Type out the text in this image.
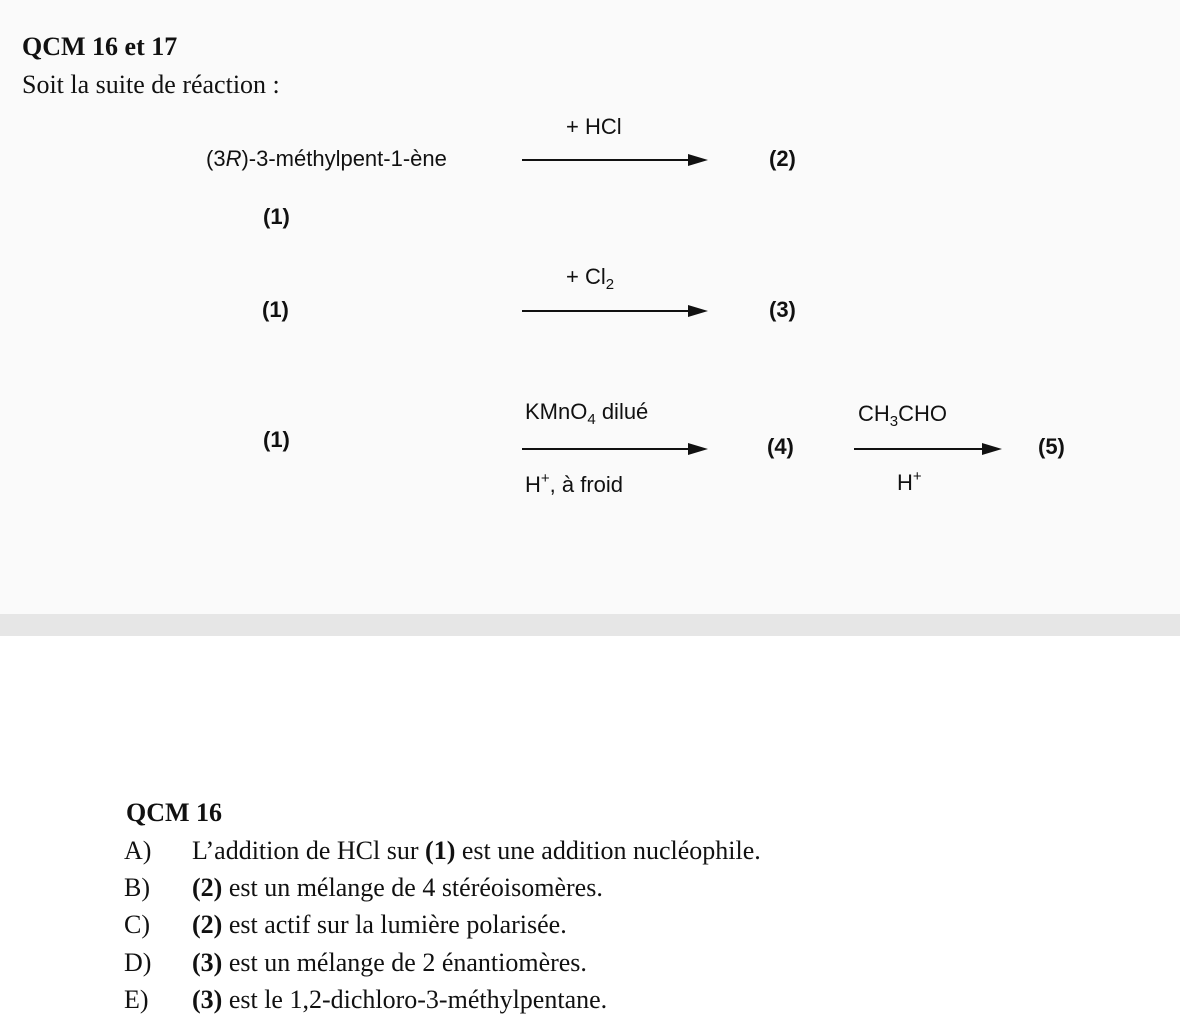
QCM 16 et 17
Soit la suite de réaction :
(3R)-3-méthylpent-1-ène
(1)
+ HCl
(2)
(1)
+ $Cl_2$
(3)
(1)
KMnO$_4$ dilué
H+, à froid
(4)
$CH_3CHO$
H+
(5)
QCM 16
A)	L’addition de HCl sur (1) est une addition nucléophile.
B)	(2) est un mélange de 4 stéréoisomères.
C)	(2) est actif sur la lumière polarisée.
D)	(3) est un mélange de 2 énantiomères.
E)	(3) est le 1,2-dichloro-3-méthylpentane.
